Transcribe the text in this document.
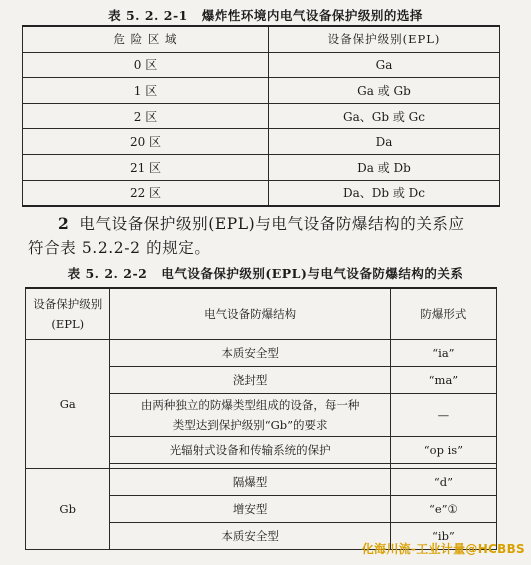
表 5. 2. 2-1 爆炸性环境内电气设备保护级别的选择
危 险 区 域	设备保护级别(EPL)
0 区	Ga
1 区	Ga 或 Gb
2 区	Ga、Gb 或 Gc
20 区	Da
21 区	Da 或 Db
22 区	Da、Db 或 Dc
2 电气设备保护级别(EPL)与电气设备防爆结构的关系应
符合表 5.2.2-2 的规定。
表 5. 2. 2-2 电气设备保护级别(EPL)与电气设备防爆结构的关系
设备保护级别
(EPL)	电气设备防爆结构	防爆形式
Ga	本质安全型	“ia”
	浇封型	“ma”

	由两种独立的防爆类型组成的设备，每一种
类型达到保护级别“Gb”的要求	—
	光辐射式设备和传输系统的保护	“op is”

Gb	隔爆型	“d”
	增安型	“e”①
	本质安全型	“ib”
化海川流-工业计量@HCBBS
